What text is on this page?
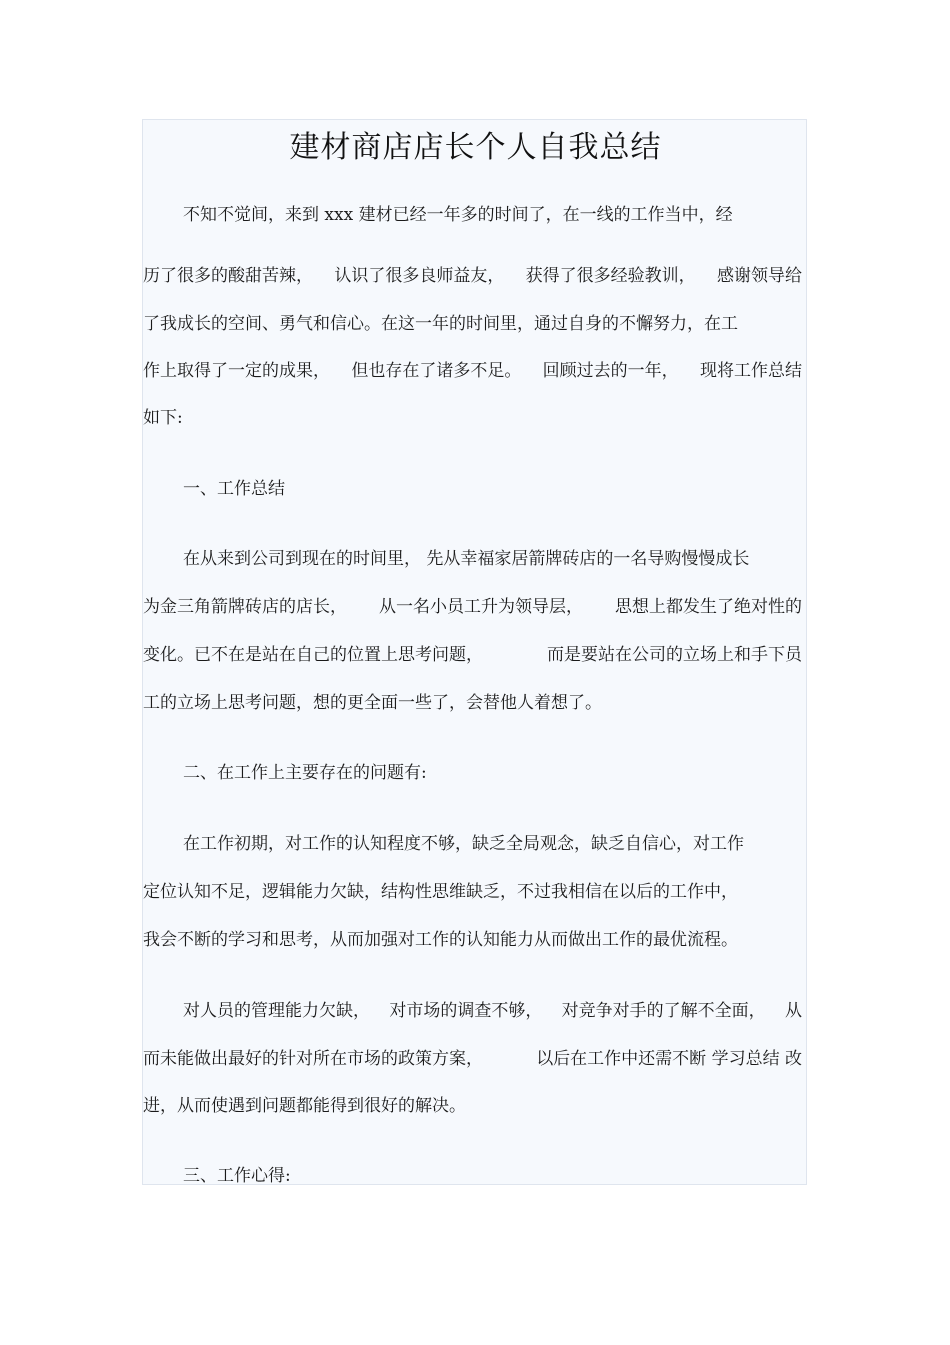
建材商店店长个人自我总结
不知不觉间，来到 xxx 建材已经一年多的时间了，在一线的工作当中，经
历了很多的酸甜苦辣， 认识了很多良师益友， 获得了很多经验教训， 感谢领导给
了我成长的空间、勇气和信心。在这一年的时间里，通过自身的不懈努力，在工
作上取得了一定的成果， 但也存在了诸多不足。 回顾过去的一年， 现将工作总结
如下:
一、工作总结
在从来到公司到现在的时间里， 先从幸福家居箭牌砖店的一名导购慢慢成长
为金三角箭牌砖店的店长， 从一名小员工升为领导层， 思想上都发生了绝对性的
变化。已不在是站在自己的位置上思考问题，	而是要站在公司的立场上和手下员
工的立场上思考问题，想的更全面一些了，会替他人着想了。
二、在工作上主要存在的问题有:
在工作初期，对工作的认知程度不够，缺乏全局观念，缺乏自信心，对工作
定位认知不足，逻辑能力欠缺，结构性思维缺乏，不过我相信在以后的工作中，
我会不断的学习和思考，从而加强对工作的认知能力从而做出工作的最优流程。
对人员的管理能力欠缺， 对市场的调查不够， 对竞争对手的了解不全面， 从
而未能做出最好的针对所在市场的政策方案，	以后在工作中还需不断 学习总结 改
进，从而使遇到问题都能得到很好的解决。
三、工作心得:
